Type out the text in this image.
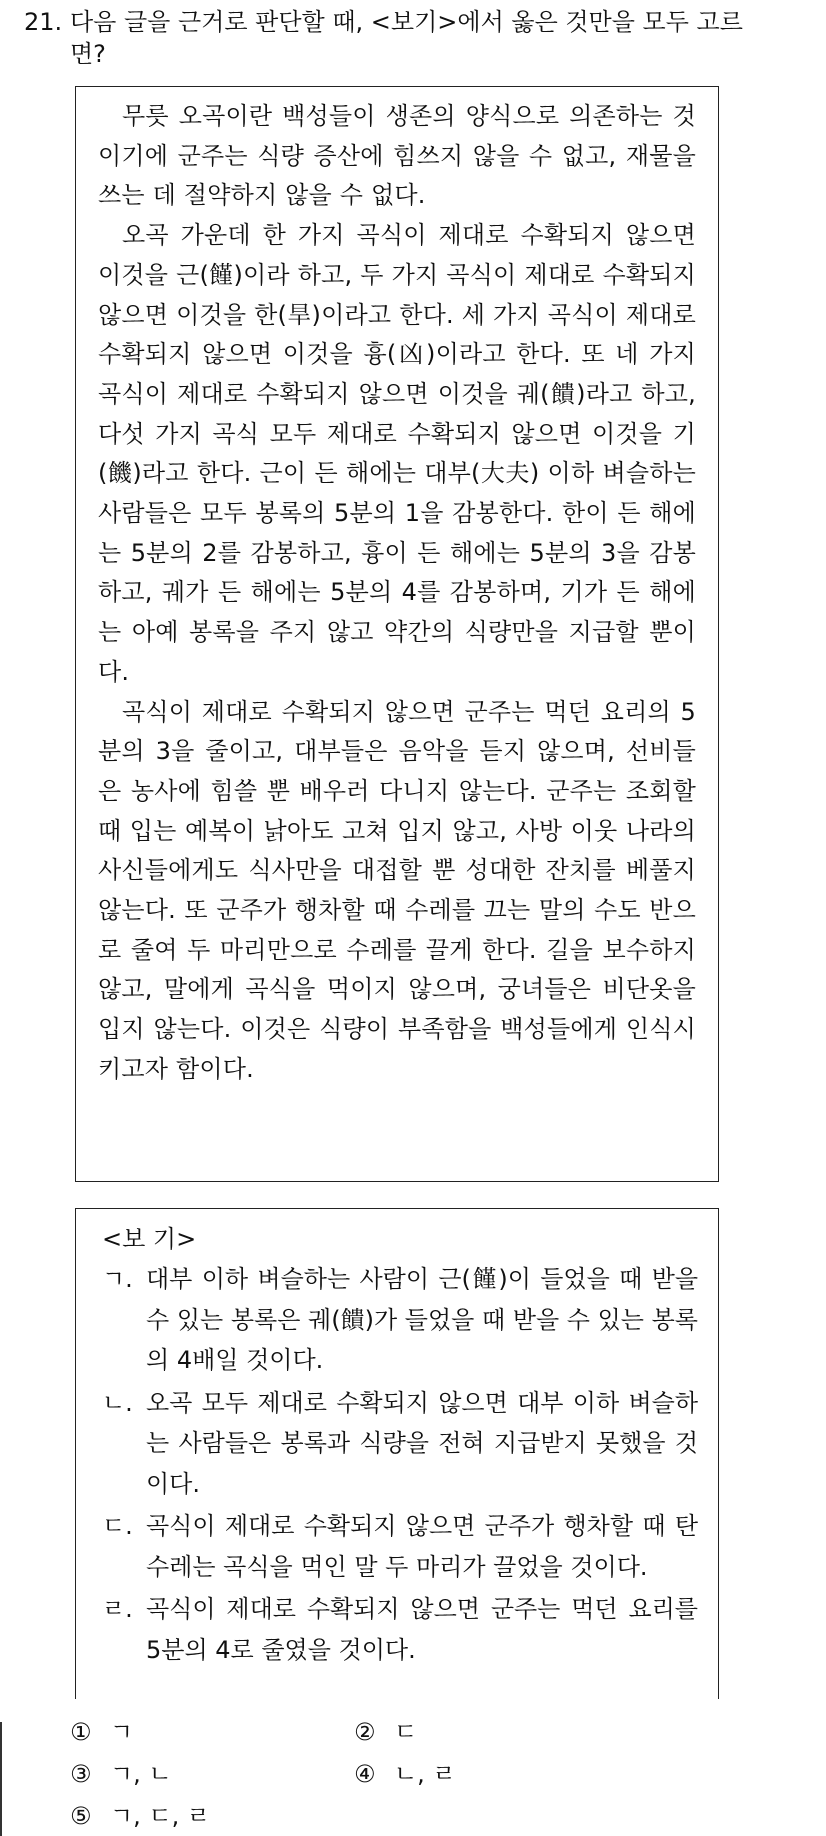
21. 다음 글을 근거로 판단할 때, <보기>에서 옳은 것만을 모두 고르면?

무릇 오곡이란 백성들이 생존의 양식으로 의존하는 것이기에 군주는 식량 증산에 힘쓰지 않을 수 없고, 재물을 쓰는 데 절약하지 않을 수 없다.

오곡 가운데 한 가지 곡식이 제대로 수확되지 않으면 이것을 근(饉)이라 하고, 두 가지 곡식이 제대로 수확되지 않으면 이것을 한(旱)이라고 한다. 세 가지 곡식이 제대로 수확되지 않으면 이것을 흉(凶)이라고 한다. 또 네 가지 곡식이 제대로 수확되지 않으면 이것을 궤(饋)라고 하고, 다섯 가지 곡식 모두 제대로 수확되지 않으면 이것을 기(饑)라고 한다. 근이 든 해에는 대부(大夫) 이하 벼슬하는 사람들은 모두 봉록의 5분의 1을 감봉한다. 한이 든 해에는 5분의 2를 감봉하고, 흉이 든 해에는 5분의 3을 감봉하고, 궤가 든 해에는 5분의 4를 감봉하며, 기가 든 해에는 아예 봉록을 주지 않고 약간의 식량만을 지급할 뿐이다.

곡식이 제대로 수확되지 않으면 군주는 먹던 요리의 5분의 3을 줄이고, 대부들은 음악을 듣지 않으며, 선비들은 농사에 힘쓸 뿐 배우러 다니지 않는다. 군주는 조회할 때 입는 예복이 낡아도 고쳐 입지 않고, 사방 이웃 나라의 사신들에게도 식사만을 대접할 뿐 성대한 잔치를 베풀지 않는다. 또 군주가 행차할 때 수레를 끄는 말의 수도 반으로 줄여 두 마리만으로 수레를 끌게 한다. 길을 보수하지 않고, 말에게 곡식을 먹이지 않으며, 궁녀들은 비단옷을 입지 않는다. 이것은 식량이 부족함을 백성들에게 인식시키고자 함이다.

<보 기>

ㄱ. 대부 이하 벼슬하는 사람이 근(饉)이 들었을 때 받을 수 있는 봉록은 궤(饋)가 들었을 때 받을 수 있는 봉록의 4배일 것이다.

ㄴ. 오곡 모두 제대로 수확되지 않으면 대부 이하 벼슬하는 사람들은 봉록과 식량을 전혀 지급받지 못했을 것이다.

ㄷ. 곡식이 제대로 수확되지 않으면 군주가 행차할 때 탄 수레는 곡식을 먹인 말 두 마리가 끌었을 것이다.

ㄹ. 곡식이 제대로 수확되지 않으면 군주는 먹던 요리를 5분의 4로 줄였을 것이다.

① ㄱ	② ㄷ
③ ㄱ, ㄴ	④ ㄴ, ㄹ
⑤ ㄱ, ㄷ, ㄹ
